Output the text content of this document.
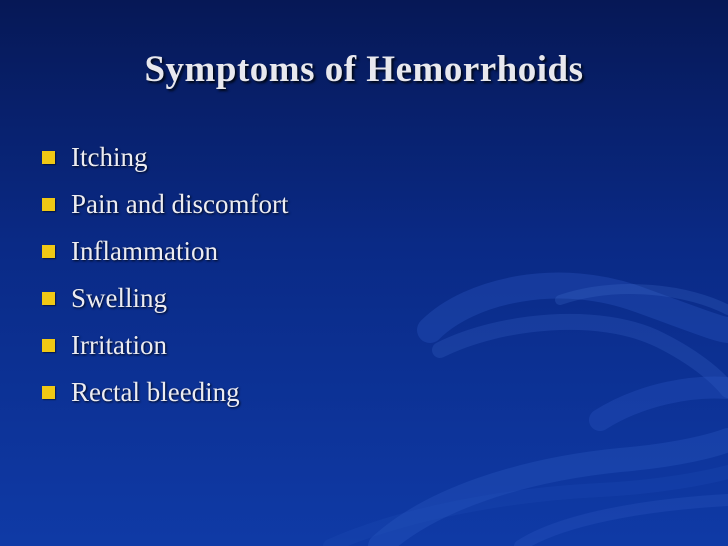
Symptoms of Hemorrhoids
Itching
Pain and discomfort
Inflammation
Swelling
Irritation
Rectal bleeding
